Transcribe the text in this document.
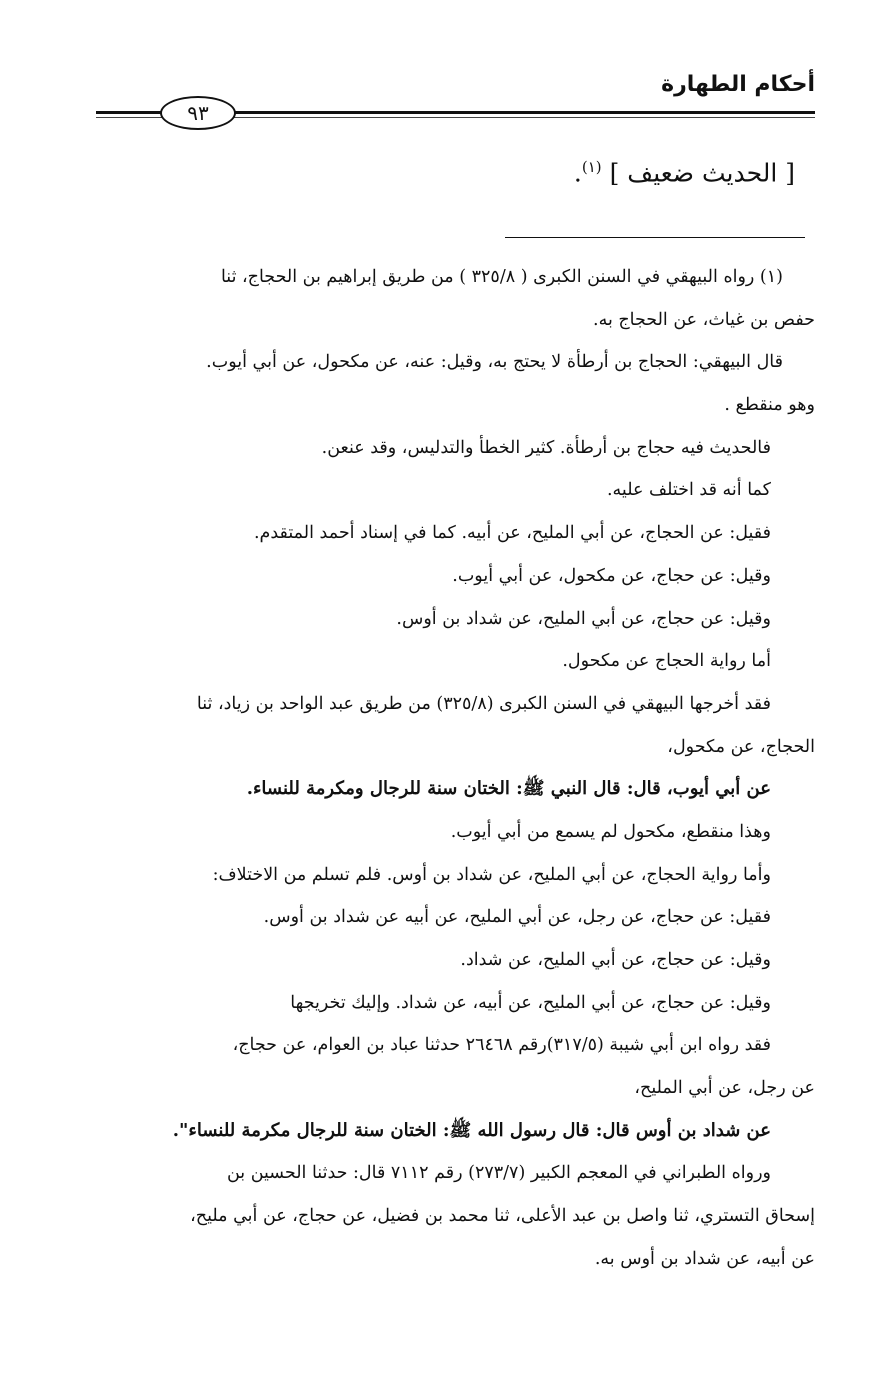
أحكام الطهارة
٩٣
[ الحديث ضعيف ] $^{(١)}$.
(١) رواه البيهقي في السنن الكبرى ( ٣٢٥/٨ ) من طريق إبراهيم بن الحجاج، ثنا
حفص بن غياث، عن الحجاج به.
قال البيهقي: الحجاج بن أرطأة لا يحتج به، وقيل: عنه، عن مكحول، عن أبي أيوب.
وهو منقطع .
فالحديث فيه حجاج بن أرطأة. كثير الخطأ والتدليس، وقد عنعن.
كما أنه قد اختلف عليه.
فقيل: عن الحجاج، عن أبي المليح، عن أبيه. كما في إسناد أحمد المتقدم.
وقيل: عن حجاج، عن مكحول، عن أبي أيوب.
وقيل: عن حجاج، عن أبي المليح، عن شداد بن أوس.
أما رواية الحجاج عن مكحول.
فقد أخرجها البيهقي في السنن الكبرى (٣٢٥/٨) من طريق عبد الواحد بن زياد، ثنا
الحجاج، عن مكحول،
عن أبي أيوب، قال: قال النبي ﷺ: الختان سنة للرجال ومكرمة للنساء.
وهذا منقطع، مكحول لم يسمع من أبي أيوب.
وأما رواية الحجاج، عن أبي المليح، عن شداد بن أوس. فلم تسلم من الاختلاف:
فقيل: عن حجاج، عن رجل، عن أبي المليح، عن أبيه عن شداد بن أوس.
وقيل: عن حجاج، عن أبي المليح، عن شداد.
وقيل: عن حجاج، عن أبي المليح، عن أبيه، عن شداد. وإليك تخريجها
فقد رواه ابن أبي شيبة (٣١٧/٥)رقم ٢٦٤٦٨ حدثنا عباد بن العوام، عن حجاج،
عن رجل، عن أبي المليح،
عن شداد بن أوس قال: قال رسول الله ﷺ: الختان سنة للرجال مكرمة للنساء".
ورواه الطبراني في المعجم الكبير (٢٧٣/٧) رقم ٧١١٢ قال: حدثنا الحسين بن
إسحاق التستري، ثنا واصل بن عبد الأعلى، ثنا محمد بن فضيل، عن حجاج، عن أبي مليح،
عن أبيه، عن شداد بن أوس به.
